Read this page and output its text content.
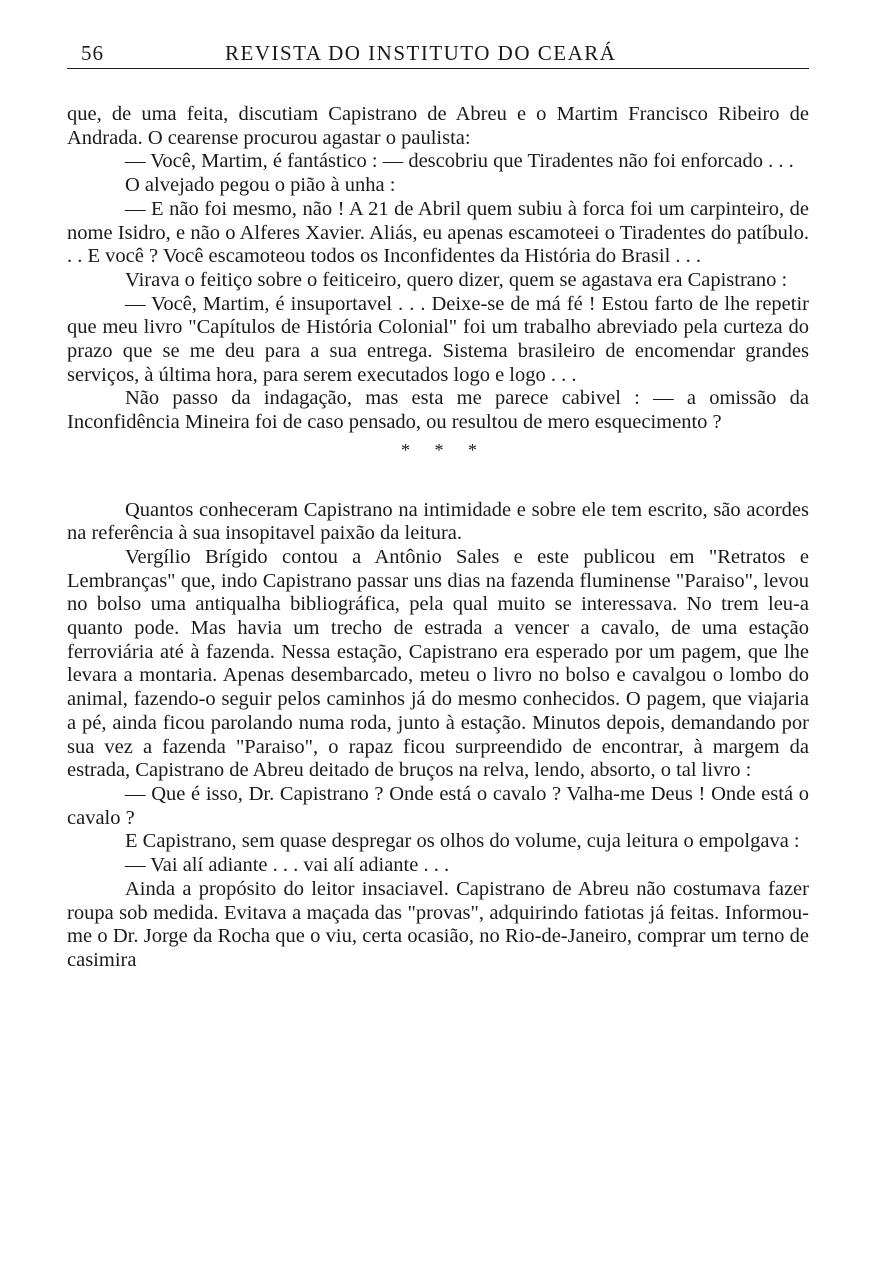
56	REVISTA DO INSTITUTO DO CEARÁ

que, de uma feita, discutiam Capistrano de Abreu e o Martim Francisco Ribeiro de Andrada. O cearense procurou agastar o paulista:

— Você, Martim, é fantástico : — descobriu que Tiradentes não foi enforcado . . .

O alvejado pegou o pião à unha :

— E não foi mesmo, não ! A 21 de Abril quem subiu à forca foi um carpinteiro, de nome Isidro, e não o Alferes Xavier. Aliás, eu apenas escamoteei o Tiradentes do patíbulo. . . E você ? Você escamoteou todos os Inconfidentes da História do Brasil . . .

Virava o feitiço sobre o feiticeiro, quero dizer, quem se agastava era Capistrano :

— Você, Martim, é insuportavel . . . Deixe-se de má fé ! Estou farto de lhe repetir que meu livro "Capítulos de História Colonial" foi um trabalho abreviado pela curteza do prazo que se me deu para a sua entrega. Sistema brasileiro de encomendar grandes serviços, à última hora, para serem executados logo e logo . . .

Não passo da indagação, mas esta me parece cabivel : — a omissão da Inconfidência Mineira foi de caso pensado, ou resultou de mero esquecimento ?

* * *

Quantos conheceram Capistrano na intimidade e sobre ele tem escrito, são acordes na referência à sua insopitavel paixão da leitura.

Vergílio Brígido contou a Antônio Sales e este publicou em "Retratos e Lembranças" que, indo Capistrano passar uns dias na fazenda fluminense "Paraiso", levou no bolso uma antiqualha bibliográfica, pela qual muito se interessava. No trem leu-a quanto pode. Mas havia um trecho de estrada a vencer a cavalo, de uma estação ferroviária até à fazenda. Nessa estação, Capistrano era esperado por um pagem, que lhe levara a montaria. Apenas desembarcado, meteu o livro no bolso e cavalgou o lombo do animal, fazendo-o seguir pelos caminhos já do mesmo conhecidos. O pagem, que viajaria a pé, ainda ficou parolando numa roda, junto à estação. Minutos depois, demandando por sua vez a fazenda "Paraiso", o rapaz ficou surpreendido de encontrar, à margem da estrada, Capistrano de Abreu deitado de bruços na relva, lendo, absorto, o tal livro :

— Que é isso, Dr. Capistrano ? Onde está o cavalo ? Valha-me Deus ! Onde está o cavalo ?

E Capistrano, sem quase despregar os olhos do volume, cuja leitura o empolgava :

— Vai alí adiante . . . vai alí adiante . . .

Ainda a propósito do leitor insaciavel. Capistrano de Abreu não costumava fazer roupa sob medida. Evitava a maçada das "provas", adquirindo fatiotas já feitas. Informou-me o Dr. Jorge da Rocha que o viu, certa ocasião, no Rio-de-Janeiro, comprar um terno de casimira
